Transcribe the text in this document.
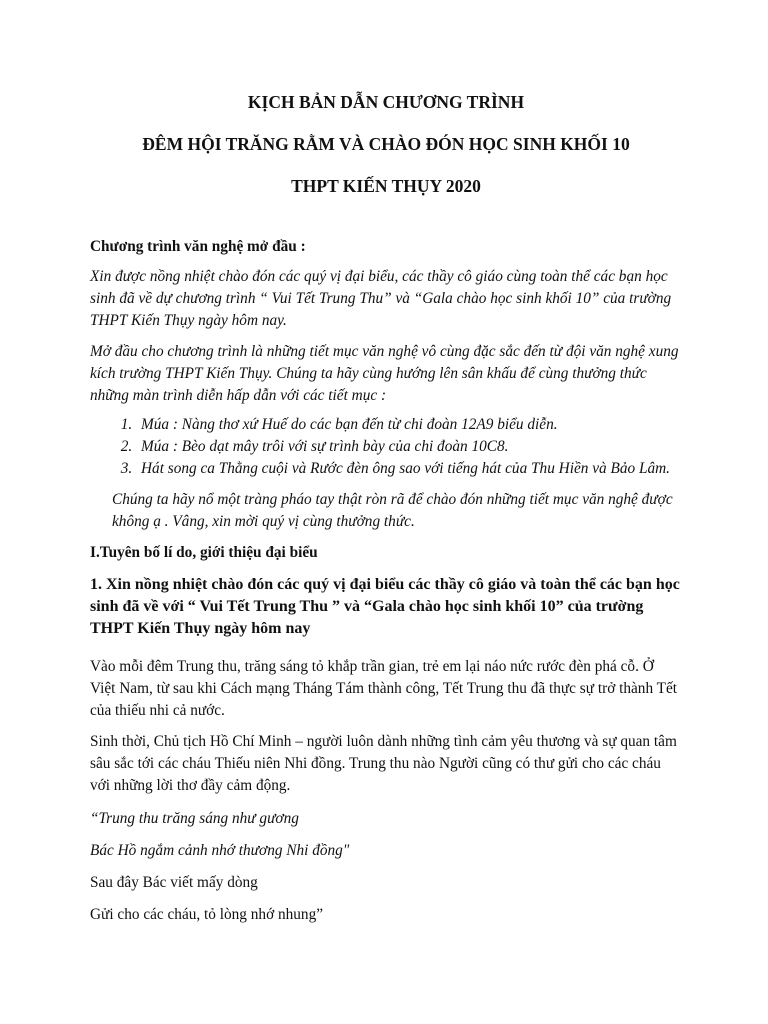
KỊCH BẢN DẪN CHƯƠNG TRÌNH
ĐÊM HỘI TRĂNG RẰM VÀ CHÀO ĐÓN HỌC SINH KHỐI 10
THPT KIẾN THỤY 2020

Chương trình văn nghệ mở đầu :

Xin được nồng nhiệt chào đón các quý vị đại biểu, các thầy cô giáo cùng toàn thể các bạn học sinh đã về dự chương trình “ Vui Tết Trung Thu” và “Gala chào học sinh khối 10” của trường THPT Kiến Thụy ngày hôm nay.

Mở đầu cho chương trình là những tiết mục văn nghệ vô cùng đặc sắc đến từ đội văn nghệ xung kích trường THPT Kiến Thụy. Chúng ta hãy cùng hướng lên sân khấu để cùng thưởng thức những màn trình diễn hấp dẫn với các tiết mục :

1. Múa : Nàng thơ xứ Huế do các bạn đến từ chi đoàn 12A9 biểu diễn.
2. Múa : Bèo dạt mây trôi với sự trình bày của chi đoàn 10C8.
3. Hát song ca Thằng cuội và Rước đèn ông sao với tiếng hát của Thu Hiền và Bảo Lâm.

Chúng ta hãy nổ một tràng pháo tay thật ròn rã để chào đón những tiết mục văn nghệ được không ạ . Vâng, xin mời quý vị cùng thưởng thức.

I.Tuyên bố lí do, giới thiệu đại biểu

1. Xin nồng nhiệt chào đón các quý vị đại biểu các thầy cô giáo và toàn thể các bạn học sinh đã về với “ Vui Tết Trung Thu ” và “Gala chào học sinh khối 10” của trường THPT Kiến Thụy ngày hôm nay

Vào mỗi đêm Trung thu, trăng sáng tỏ khắp trần gian, trẻ em lại náo nức rước đèn phá cỗ. Ở Việt Nam, từ sau khi Cách mạng Tháng Tám thành công, Tết Trung thu đã thực sự trở thành Tết của thiếu nhi cả nước.

Sinh thời, Chủ tịch Hồ Chí Minh – người luôn dành những tình cảm yêu thương và sự quan tâm sâu sắc tới các cháu Thiếu niên Nhi đồng. Trung thu nào Người cũng có thư gửi cho các cháu với những lời thơ đầy cảm động.

“Trung thu trăng sáng như gương

Bác Hồ ngắm cảnh nhớ thương Nhi đồng"

Sau đây Bác viết mấy dòng

Gửi cho các cháu, tỏ lòng nhớ nhung”
